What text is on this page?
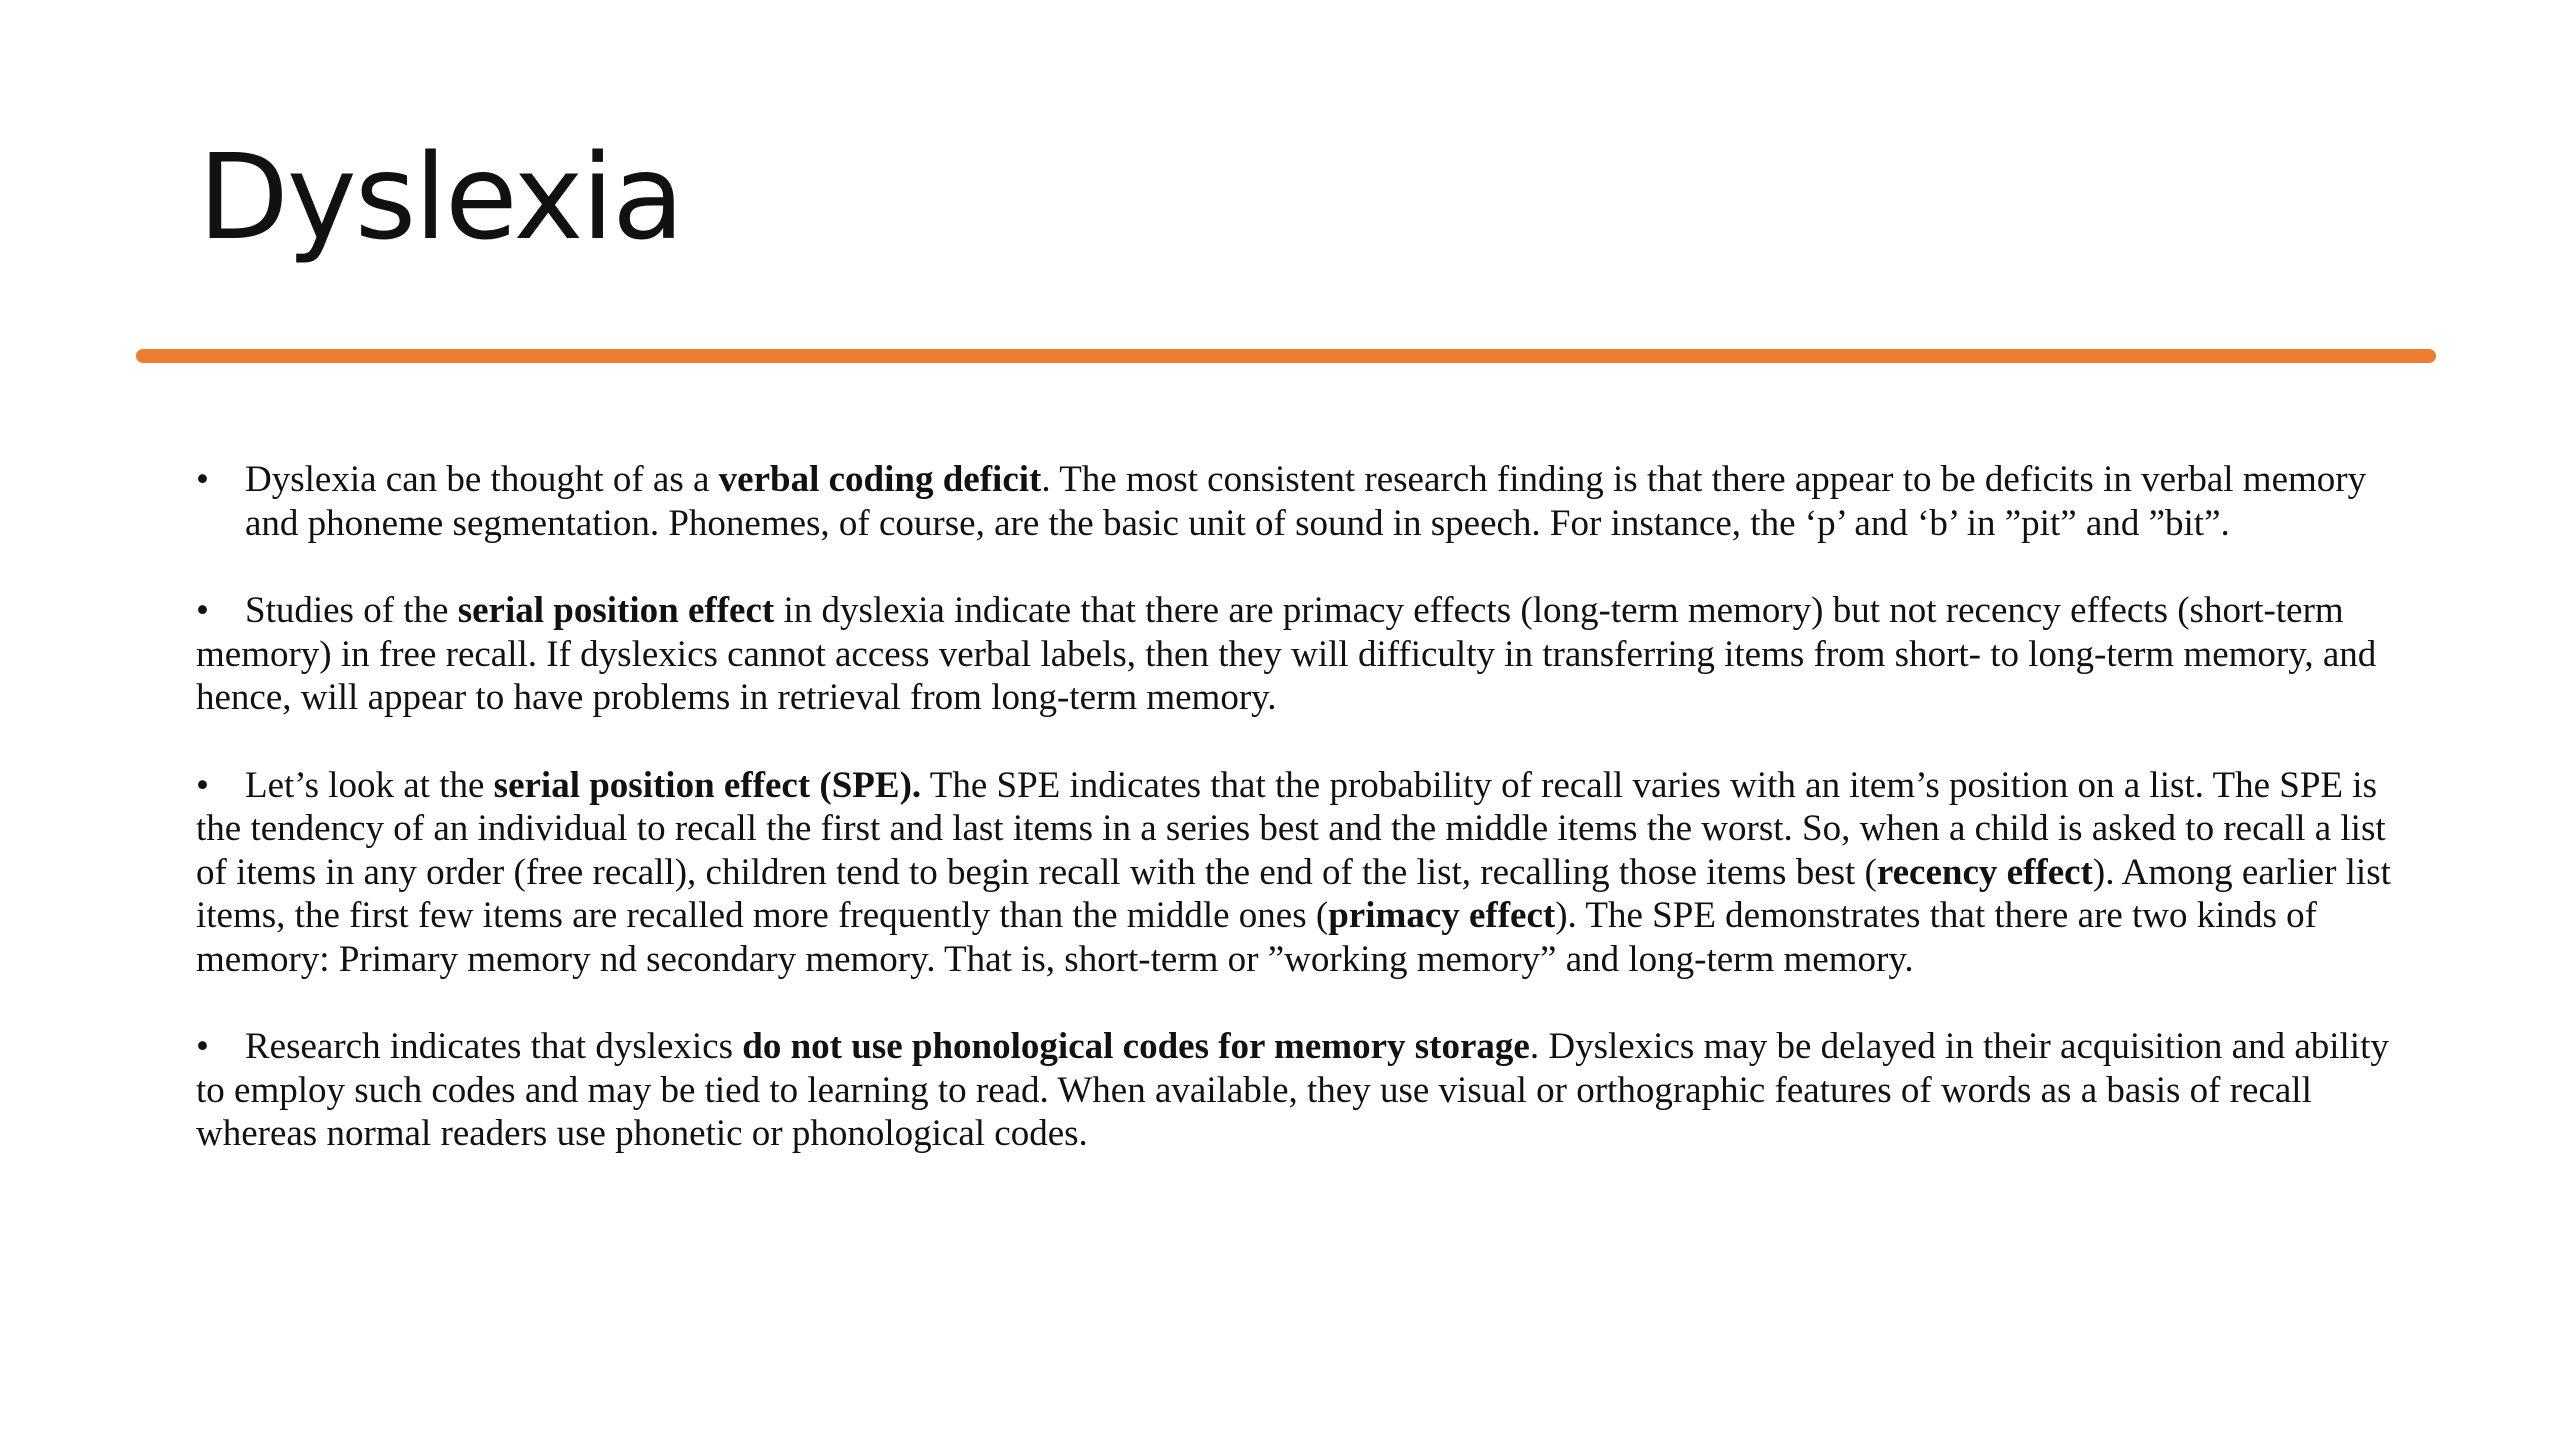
Dyslexia

• Dyslexia can be thought of as a verbal coding deficit. The most consistent research finding is that there appear to be deficits in verbal memory and phoneme segmentation. Phonemes, of course, are the basic unit of sound in speech. For instance, the ‘p’ and ‘b’ in ”pit” and ”bit”.

• Studies of the serial position effect in dyslexia indicate that there are primacy effects (long-term memory) but not recency effects (short-term memory) in free recall. If dyslexics cannot access verbal labels, then they will difficulty in transferring items from short- to long-term memory, and hence, will appear to have problems in retrieval from long-term memory.

• Let’s look at the serial position effect (SPE). The SPE indicates that the probability of recall varies with an item’s position on a list. The SPE is the tendency of an individual to recall the first and last items in a series best and the middle items the worst. So, when a child is asked to recall a list of items in any order (free recall), children tend to begin recall with the end of the list, recalling those items best (recency effect). Among earlier list items, the first few items are recalled more frequently than the middle ones (primacy effect). The SPE demonstrates that there are two kinds of memory: Primary memory nd secondary memory. That is, short-term or ”working memory” and long-term memory.

• Research indicates that dyslexics do not use phonological codes for memory storage. Dyslexics may be delayed in their acquisition and ability to employ such codes and may be tied to learning to read. When available, they use visual or orthographic features of words as a basis of recall whereas normal readers use phonetic or phonological codes.
